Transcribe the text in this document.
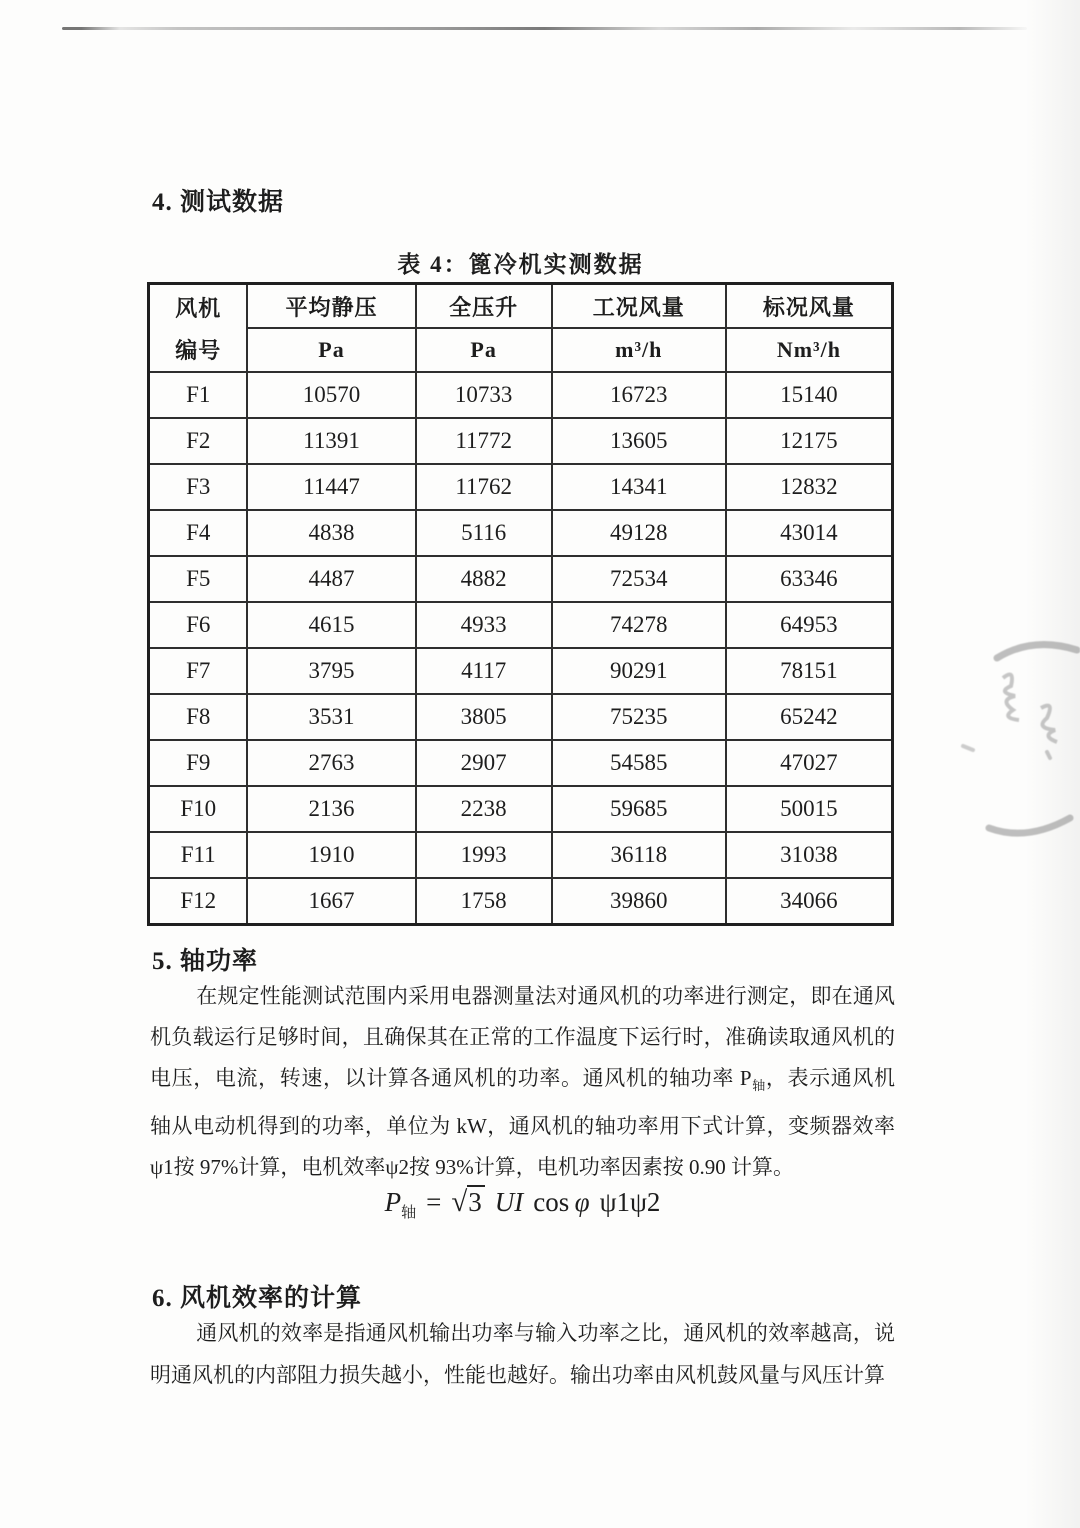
4. 测试数据
表 4：篦冷机实测数据
风机
编号	平均静压	全压升	工况风量	标况风量
	Pa	Pa	m³/h	Nm³/h
F1	10570	10733	16723	15140
F2	11391	11772	13605	12175
F3	11447	11762	14341	12832
F4	4838	5116	49128	43014
F5	4487	4882	72534	63346
F6	4615	4933	74278	64953
F7	3795	4117	90291	78151
F8	3531	3805	75235	65242
F9	2763	2907	54585	47027
F10	2136	2238	59685	50015
F11	1910	1993	36118	31038
F12	1667	1758	39860	34066
5. 轴功率
在规定性能测试范围内采用电器测量法对通风机的功率进行测定，即在通风
机负载运行足够时间，且确保其在正常的工作温度下运行时，准确读取通风机的
电压，电流，转速，以计算各通风机的功率。通风机的轴功率 $P_轴$，表示通风机
轴从电动机得到的功率，单位为 kW，通风机的轴功率用下式计算，变频器效率
ψ1按 97%计算，电机效率ψ2按 93%计算，电机功率因素按 0.90 计算。
$P_轴 = √3$ UI cos  φ ψ1ψ2
6. 风机效率的计算
通风机的效率是指通风机输出功率与输入功率之比，通风机的效率越高，说
明通风机的内部阻力损失越小，性能也越好。输出功率由风机鼓风量与风压计算
